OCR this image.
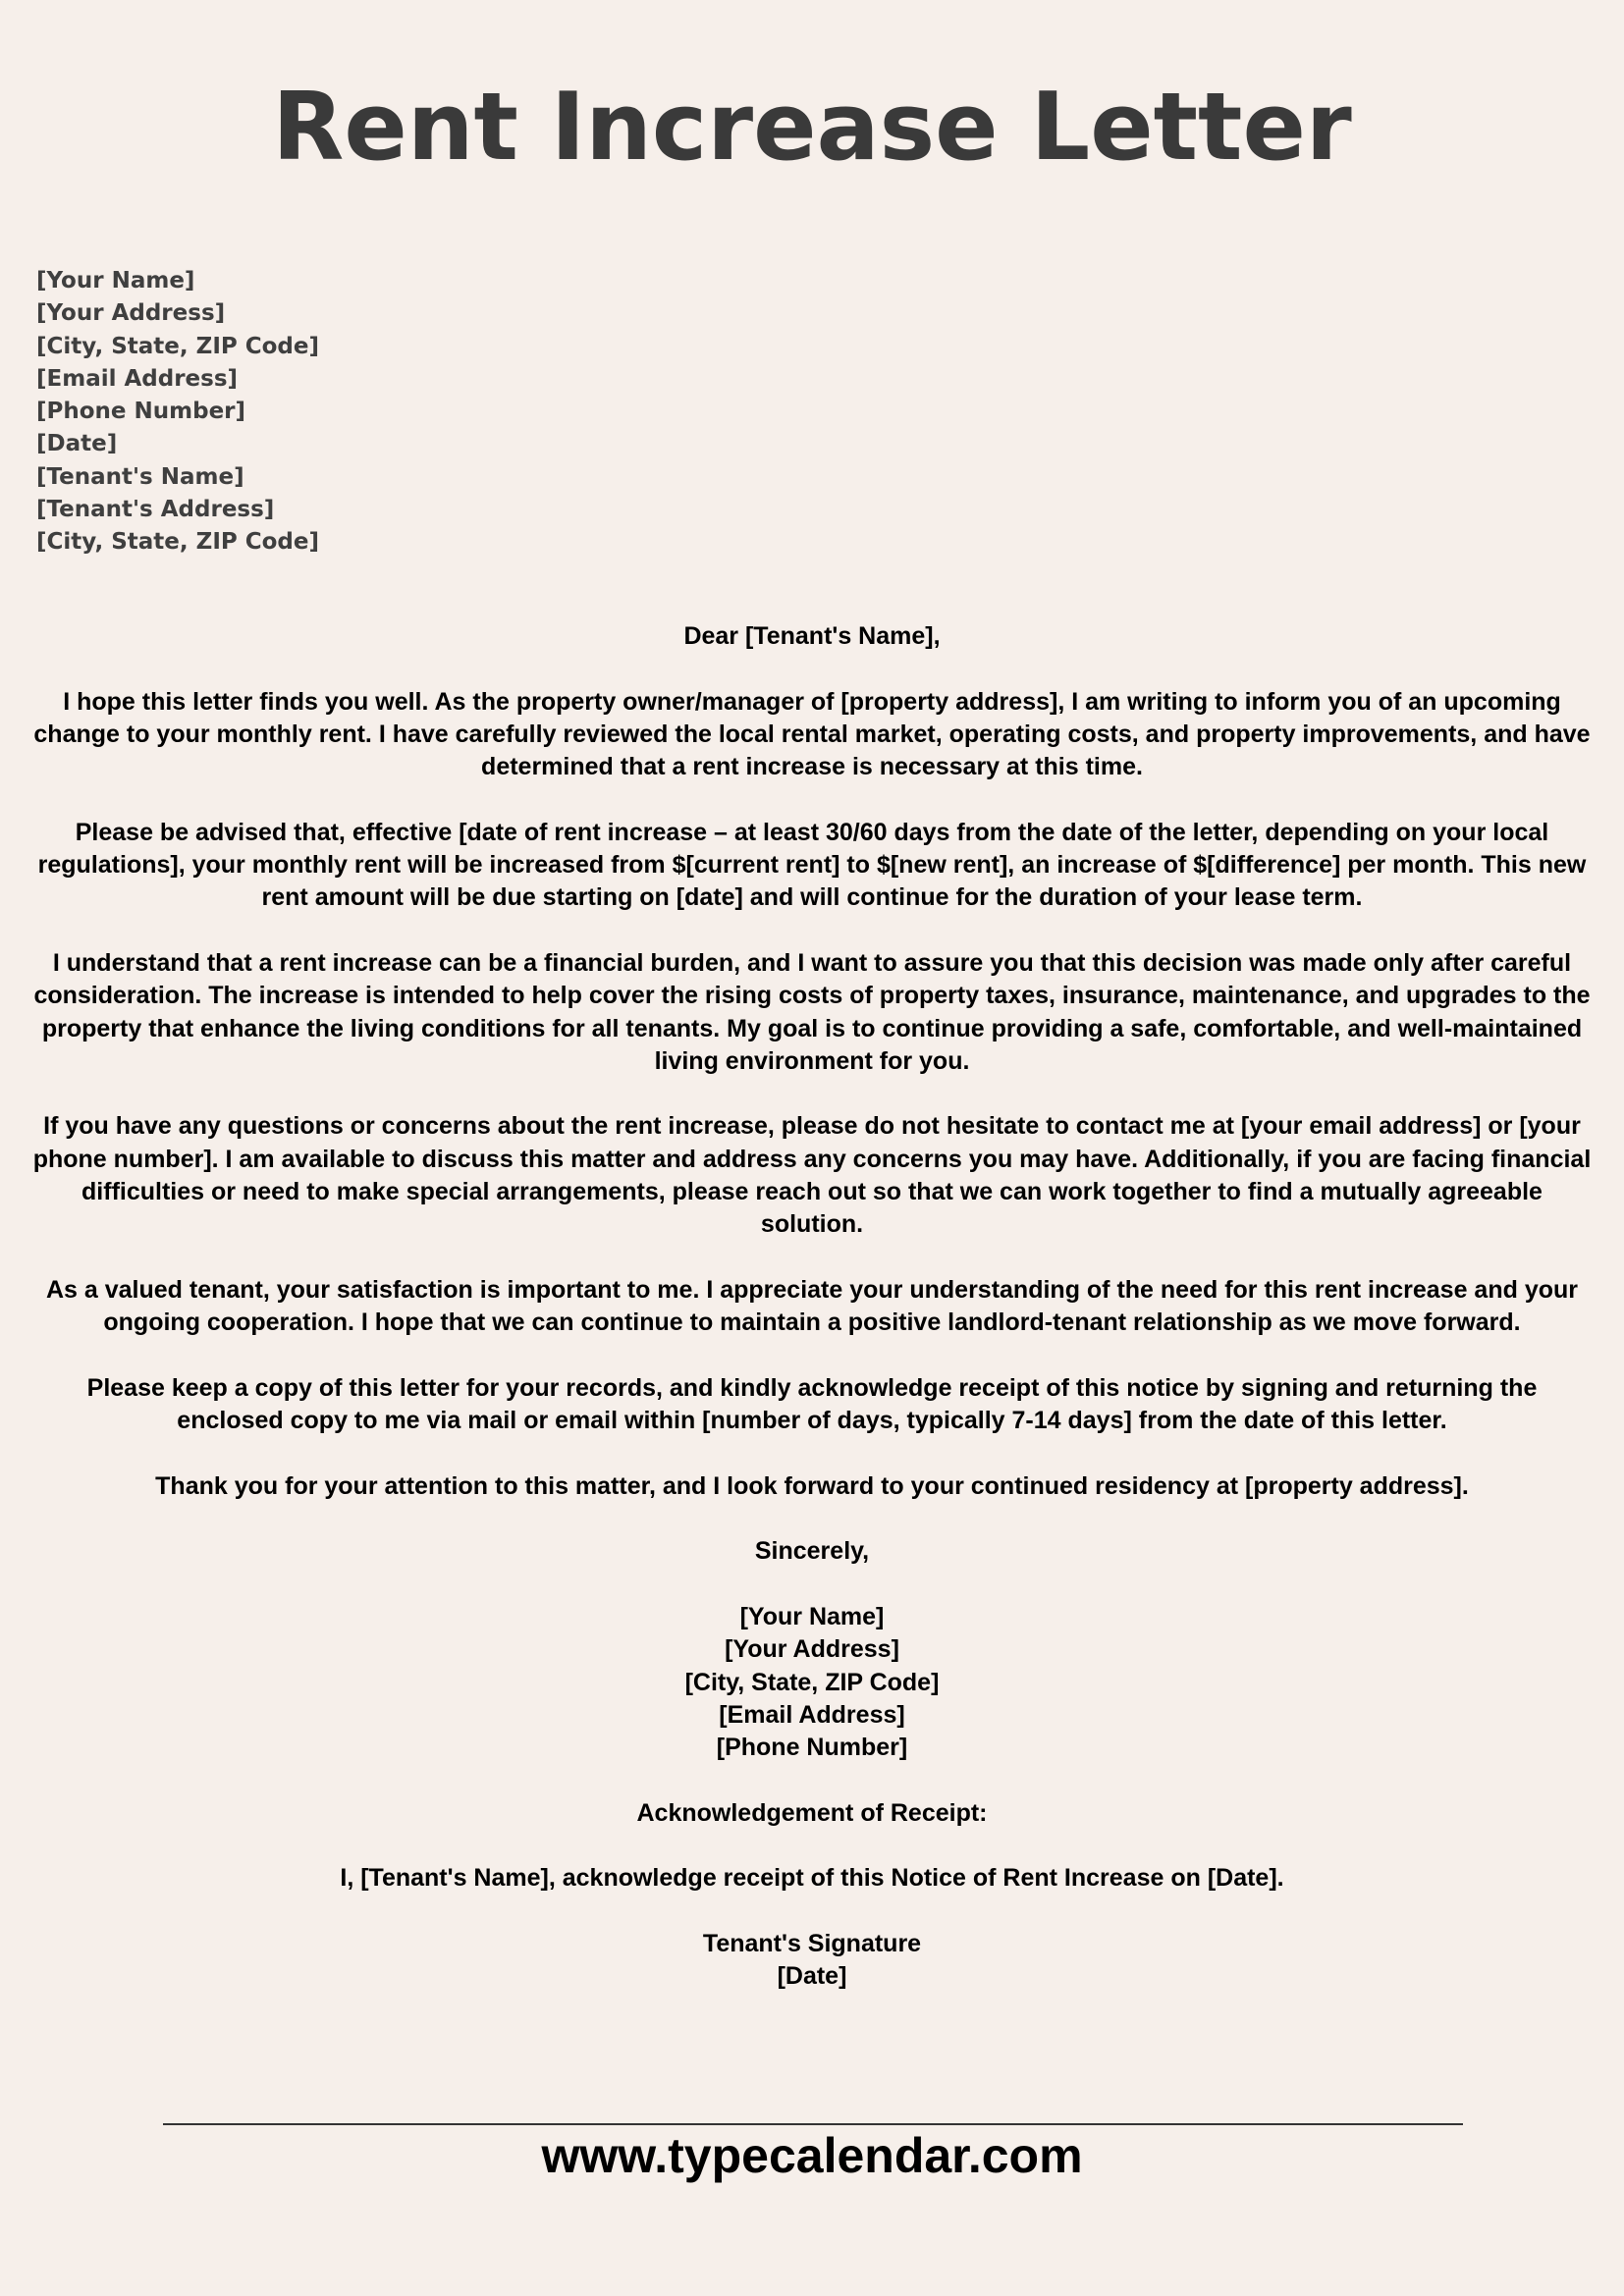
Rent Increase Letter
[Your Name]
[Your Address]
[City, State, ZIP Code]
[Email Address]
[Phone Number]
[Date]
[Tenant's Name]
[Tenant's Address]
[City, State, ZIP Code]

Dear [Tenant's Name],

I hope this letter finds you well. As the property owner/manager of [property address], I am writing to inform you of an upcoming change to your monthly rent. I have carefully reviewed the local rental market, operating costs, and property improvements, and have determined that a rent increase is necessary at this time.

Please be advised that, effective [date of rent increase – at least 30/60 days from the date of the letter, depending on your local regulations], your monthly rent will be increased from $[current rent] to $[new rent], an increase of $[difference] per month. This new rent amount will be due starting on [date] and will continue for the duration of your lease term.

I understand that a rent increase can be a financial burden, and I want to assure you that this decision was made only after careful consideration. The increase is intended to help cover the rising costs of property taxes, insurance, maintenance, and upgrades to the property that enhance the living conditions for all tenants. My goal is to continue providing a safe, comfortable, and well-maintained living environment for you.

If you have any questions or concerns about the rent increase, please do not hesitate to contact me at [your email address] or [your phone number]. I am available to discuss this matter and address any concerns you may have. Additionally, if you are facing financial difficulties or need to make special arrangements, please reach out so that we can work together to find a mutually agreeable solution.

As a valued tenant, your satisfaction is important to me. I appreciate your understanding of the need for this rent increase and your ongoing cooperation. I hope that we can continue to maintain a positive landlord-tenant relationship as we move forward.

Please keep a copy of this letter for your records, and kindly acknowledge receipt of this notice by signing and returning the enclosed copy to me via mail or email within [number of days, typically 7-14 days] from the date of this letter.

Thank you for your attention to this matter, and I look forward to your continued residency at [property address].

Sincerely,

[Your Name]
[Your Address]
[City, State, ZIP Code]
[Email Address]
[Phone Number]

Acknowledgement of Receipt:

I, [Tenant's Name], acknowledge receipt of this Notice of Rent Increase on [Date].

Tenant's Signature
[Date]

www.typecalendar.com
